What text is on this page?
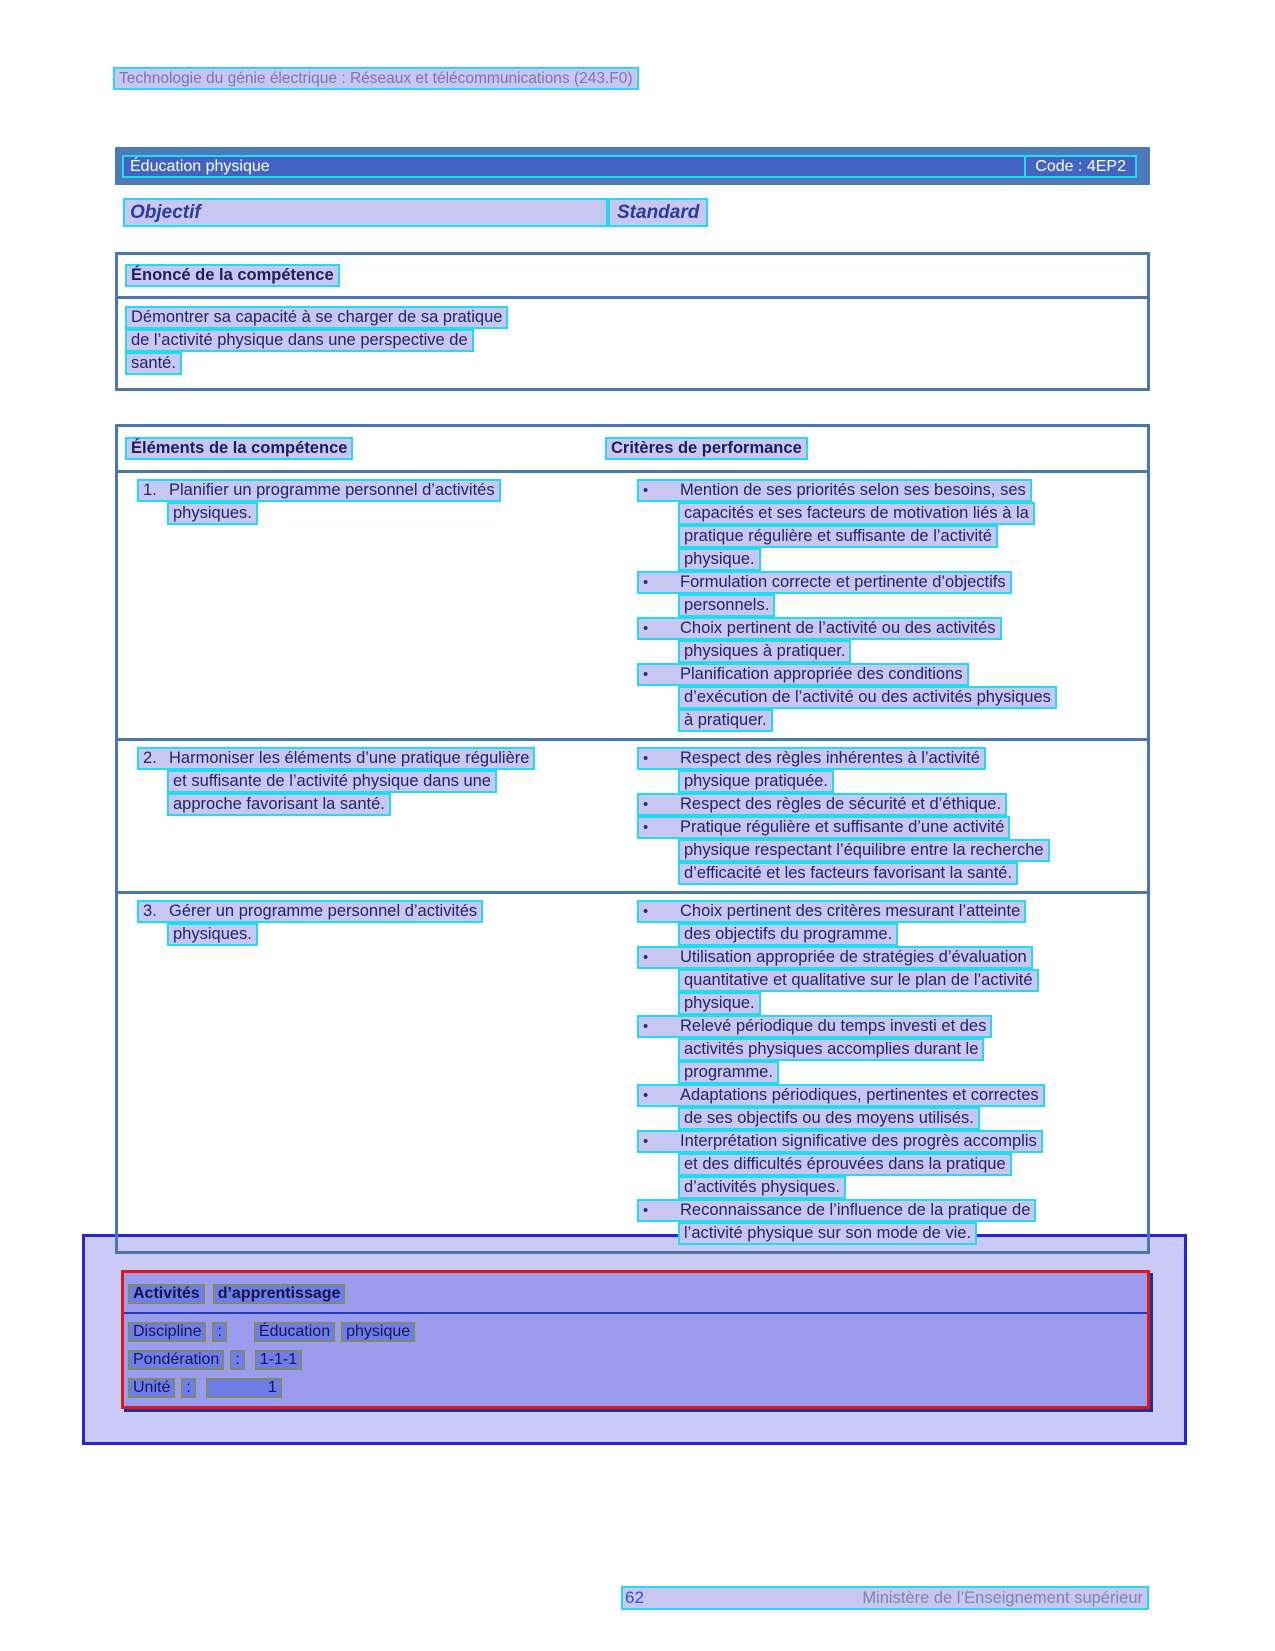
Technologie du génie électrique : Réseaux et télécommunications (243.F0)
Éducation physique	Code : 4EP2
Objectif	Standard
Énoncé de la compétence
Démontrer sa capacité à se charger de sa pratique
de l’activité physique dans une perspective de
santé.
Éléments de la compétence	Critères de performance
1. Planifier un programme personnel d’activités
physiques.
• Mention de ses priorités selon ses besoins, ses
capacités et ses facteurs de motivation liés à la
pratique régulière et suffisante de l’activité
physique.
• Formulation correcte et pertinente d’objectifs
personnels.
• Choix pertinent de l’activité ou des activités
physiques à pratiquer.
• Planification appropriée des conditions
d’exécution de l’activité ou des activités physiques
à pratiquer.
2. Harmoniser les éléments d’une pratique régulière
et suffisante de l’activité physique dans une
approche favorisant la santé.
• Respect des règles inhérentes à l’activité
physique pratiquée.
• Respect des règles de sécurité et d’éthique.
• Pratique régulière et suffisante d’une activité
physique respectant l’équilibre entre la recherche
d’efficacité et les facteurs favorisant la santé.
3. Gérer un programme personnel d’activités
physiques.
• Choix pertinent des critères mesurant l’atteinte
des objectifs du programme.
• Utilisation appropriée de stratégies d’évaluation
quantitative et qualitative sur le plan de l’activité
physique.
• Relevé périodique du temps investi et des
activités physiques accomplies durant le
programme.
• Adaptations périodiques, pertinentes et correctes
de ses objectifs ou des moyens utilisés.
• Interprétation significative des progrès accomplis
et des difficultés éprouvées dans la pratique
d’activités physiques.
• Reconnaissance de l’influence de la pratique de
l’activité physique sur son mode de vie.
Activités d’apprentissage
Discipline : Éducation physique
Pondération : 1-1-1
Unité :	1
62	Ministère de l’Enseignement supérieur
